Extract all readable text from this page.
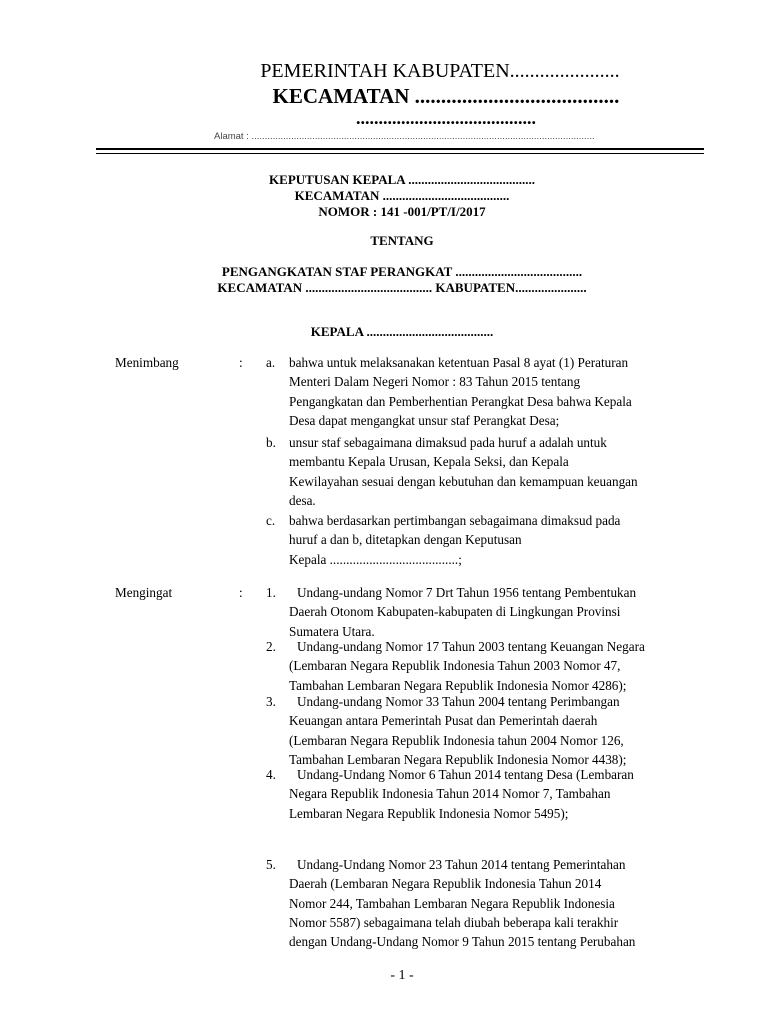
PEMERINTAH KABUPATEN......................
KECAMATAN .......................................
........................................
Alamat : ..................................................................................................................................
KEPUTUSAN KEPALA .......................................
KECAMATAN .......................................
NOMOR : 141 -001/PT/I/2017
TENTANG
PENGANGKATAN STAF PERANGKAT .......................................
KECAMATAN ....................................... KABUPATEN......................
KEPALA .......................................
Menimbang	: a. bahwa untuk melaksanakan ketentuan Pasal 8 ayat (1) Peraturan

Menteri Dalam Negeri Nomor : 83 Tahun 2015 tentang

Pengangkatan dan Pemberhentian Perangkat Desa bahwa Kepala

Desa dapat mengangkat unsur staf Perangkat Desa;

b. unsur staf sebagaimana dimaksud pada huruf a adalah untuk

membantu Kepala Urusan, Kepala Seksi, dan Kepala

Kewilayahan sesuai dengan kebutuhan dan kemampuan keuangan

desa.

c. bahwa berdasarkan pertimbangan sebagaimana dimaksud pada

huruf a dan b, ditetapkan dengan Keputusan

Kepala .......................................;

Mengingat	: 1.	Undang-undang Nomor 7 Drt Tahun 1956 tentang Pembentukan

Daerah Otonom Kabupaten-kabupaten di Lingkungan Provinsi

Sumatera Utara.

2.	Undang-undang Nomor 17 Tahun 2003 tentang Keuangan Negara

(Lembaran Negara Republik Indonesia Tahun 2003 Nomor 47,

Tambahan Lembaran Negara Republik Indonesia Nomor 4286);

3.	Undang-undang Nomor 33 Tahun 2004 tentang Perimbangan

Keuangan antara Pemerintah Pusat dan Pemerintah daerah

(Lembaran Negara Republik Indonesia tahun 2004 Nomor 126,

Tambahan Lembaran Negara Republik Indonesia Nomor 4438);

4.	Undang-Undang Nomor 6 Tahun 2014 tentang Desa (Lembaran

Negara Republik Indonesia Tahun 2014 Nomor 7, Tambahan

Lembaran Negara Republik Indonesia Nomor 5495);

5.	Undang-Undang Nomor 23 Tahun 2014 tentang Pemerintahan

Daerah (Lembaran Negara Republik Indonesia Tahun 2014

Nomor 244, Tambahan Lembaran Negara Republik Indonesia

Nomor 5587) sebagaimana telah diubah beberapa kali terakhir

dengan Undang-Undang Nomor 9 Tahun 2015 tentang Perubahan

- 1 -
